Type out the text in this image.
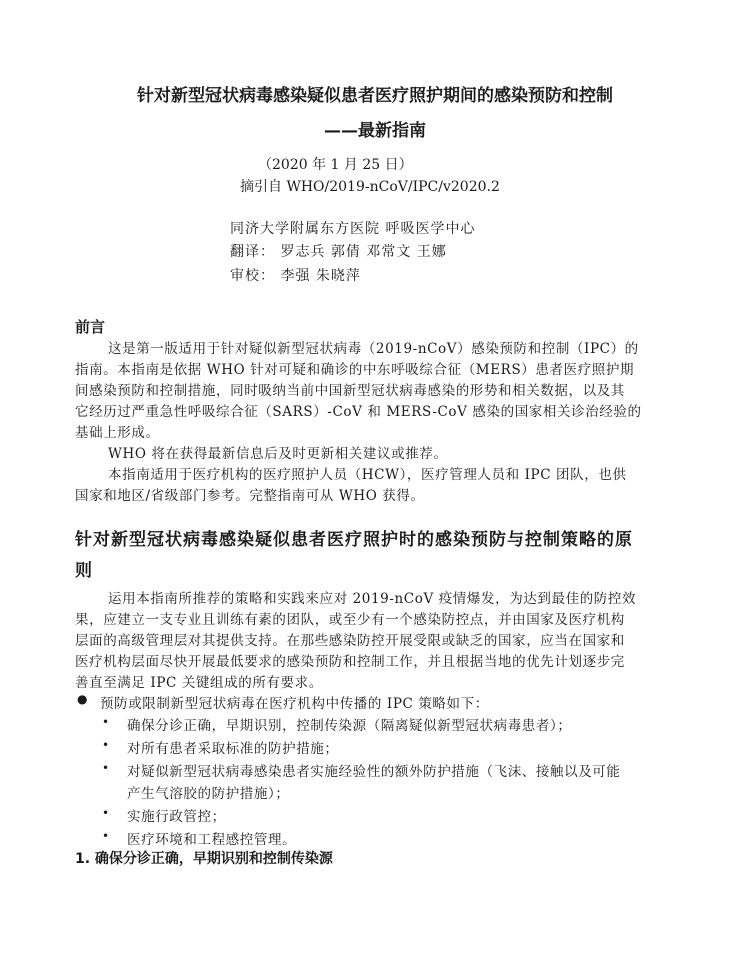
针对新型冠状病毒感染疑似患者医疗照护期间的感染预防和控制
——最新指南
（2020 年 1 月 25 日）
摘引自 WHO/2019-nCoV/IPC/v2020.2
同济大学附属东方医院 呼吸医学中心
翻译： 罗志兵 郭倩 邓常文 王娜
审校： 李强 朱晓萍
前言
这是第一版适用于针对疑似新型冠状病毒（2019-nCoV）感染预防和控制（IPC）的
指南。本指南是依据 WHO 针对可疑和确诊的中东呼吸综合征（MERS）患者医疗照护期
间感染预防和控制措施，同时吸纳当前中国新型冠状病毒感染的形势和相关数据，以及其
它经历过严重急性呼吸综合征（SARS）-CoV 和 MERS-CoV 感染的国家相关诊治经验的
基础上形成。
WHO 将在获得最新信息后及时更新相关建议或推荐。
本指南适用于医疗机构的医疗照护人员（HCW），医疗管理人员和 IPC 团队，也供
国家和地区/省级部门参考。完整指南可从 WHO 获得。
针对新型冠状病毒感染疑似患者医疗照护时的感染预防与控制策略的原
则
运用本指南所推荐的策略和实践来应对 2019-nCoV 疫情爆发，为达到最佳的防控效
果，应建立一支专业且训练有素的团队，或至少有一个感染防控点，并由国家及医疗机构
层面的高级管理层对其提供支持。在那些感染防控开展受限或缺乏的国家，应当在国家和
医疗机构层面尽快开展最低要求的感染预防和控制工作，并且根据当地的优先计划逐步完
善直至满足 IPC 关键组成的所有要求。
● 预防或限制新型冠状病毒在医疗机构中传播的 IPC 策略如下：
• 确保分诊正确，早期识别，控制传染源（隔离疑似新型冠状病毒患者）；
• 对所有患者采取标准的防护措施；
• 对疑似新型冠状病毒感染患者实施经验性的额外防护措施（飞沫、接触以及可能
产生气溶胶的防护措施）；
• 实施行政管控；
• 医疗环境和工程感控管理。
1. 确保分诊正确，早期识别和控制传染源
